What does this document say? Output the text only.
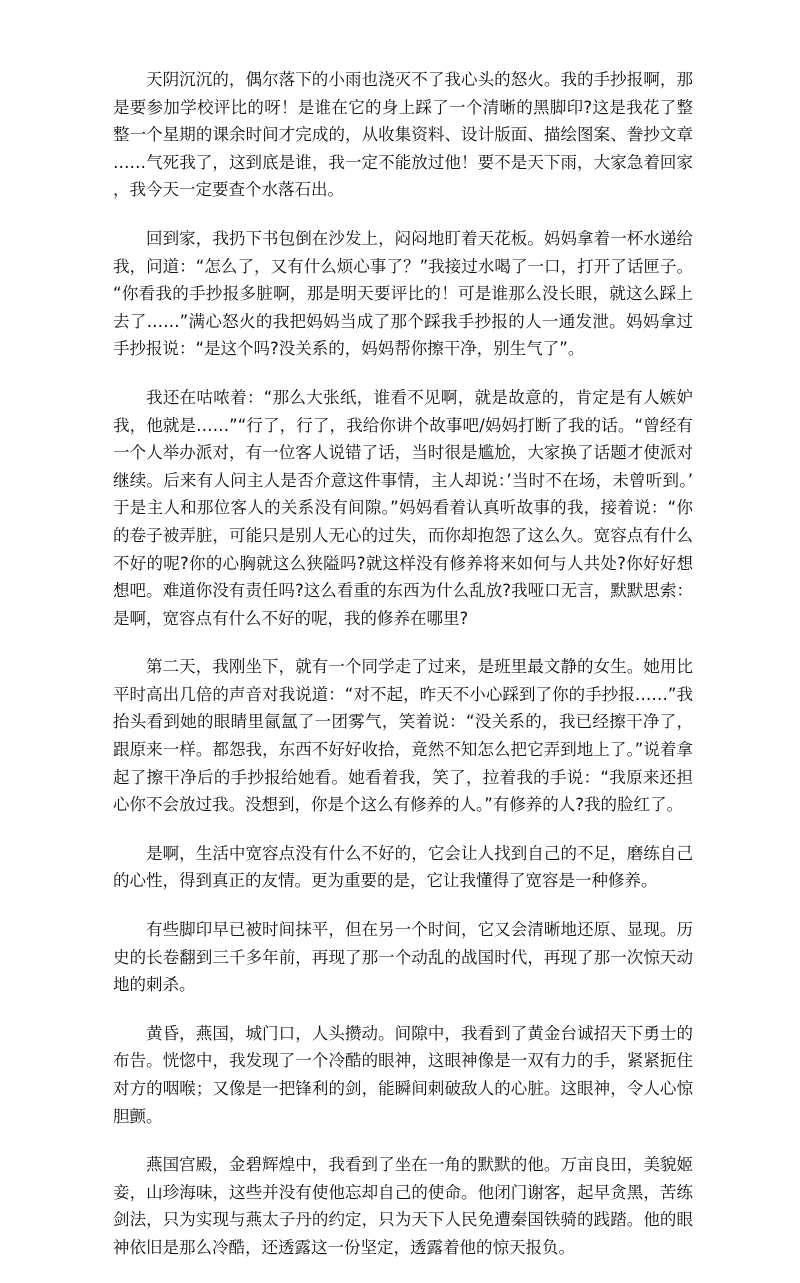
天阴沉沉的，偶尔落下的小雨也浇灭不了我心头的怒火。我的手抄报啊，那是要参加学校评比的呀！是谁在它的身上踩了一个清晰的黑脚印?这是我花了整整一个星期的课余时间才完成的，从收集资料、设计版面、描绘图案、誊抄文章……气死我了，这到底是谁，我一定不能放过他！要不是天下雨，大家急着回家，我今天一定要查个水落石出。

回到家，我扔下书包倒在沙发上，闷闷地盯着天花板。妈妈拿着一杯水递给我，问道：“怎么了，又有什么烦心事了？”我接过水喝了一口，打开了话匣子。“你看我的手抄报多脏啊，那是明天要评比的！可是谁那么没长眼，就这么踩上去了……”满心怒火的我把妈妈当成了那个踩我手抄报的人一通发泄。妈妈拿过手抄报说：“是这个吗?没关系的，妈妈帮你擦干净，别生气了”。

我还在咕哝着：“那么大张纸，谁看不见啊，就是故意的，肯定是有人嫉妒我，他就是……”“行了，行了，我给你讲个故事吧/妈妈打断了我的话。“曾经有一个人举办派对，有一位客人说错了话，当时很是尴尬，大家换了话题才使派对继续。后来有人问主人是否介意这件事情，主人却说：’当时不在场，未曾听到。’于是主人和那位客人的关系没有间隙。”妈妈看着认真听故事的我，接着说：“你的卷子被弄脏，可能只是别人无心的过失，而你却抱怨了这么久。宽容点有什么不好的呢?你的心胸就这么狭隘吗?就这样没有修养将来如何与人共处?你好好想想吧。难道你没有责任吗?这么看重的东西为什么乱放?我哑口无言，默默思索：是啊，宽容点有什么不好的呢，我的修养在哪里?

第二天，我刚坐下，就有一个同学走了过来，是班里最文静的女生。她用比平时高出几倍的声音对我说道：“对不起，昨天不小心踩到了你的手抄报……”我抬头看到她的眼睛里氤氲了一团雾气，笑着说：“没关系的，我已经擦干净了，跟原来一样。都怨我，东西不好好收拾，竟然不知怎么把它弄到地上了。”说着拿起了擦干净后的手抄报给她看。她看着我，笑了，拉着我的手说：“我原来还担心你不会放过我。没想到，你是个这么有修养的人。”有修养的人?我的脸红了。

是啊，生活中宽容点没有什么不好的，它会让人找到自己的不足，磨练自己的心性，得到真正的友情。更为重要的是，它让我懂得了宽容是一种修养。

有些脚印早已被时间抹平，但在另一个时间，它又会清晰地还原、显现。历史的长卷翻到三千多年前，再现了那一个动乱的战国时代，再现了那一次惊天动地的刺杀。

黄昏，燕国，城门口，人头攒动。间隙中，我看到了黄金台诚招天下勇士的布告。恍惚中，我发现了一个冷酷的眼神，这眼神像是一双有力的手，紧紧扼住对方的咽喉；又像是一把锋利的剑，能瞬间刺破敌人的心脏。这眼神，令人心惊胆颤。

燕国宫殿，金碧辉煌中，我看到了坐在一角的默默的他。万亩良田，美貌姬妾，山珍海味，这些并没有使他忘却自己的使命。他闭门谢客，起早贪黑，苦练剑法，只为实现与燕太子丹的约定，只为天下人民免遭秦国铁骑的践踏。他的眼神依旧是那么冷酷，还透露这一份坚定，透露着他的惊天报负。
